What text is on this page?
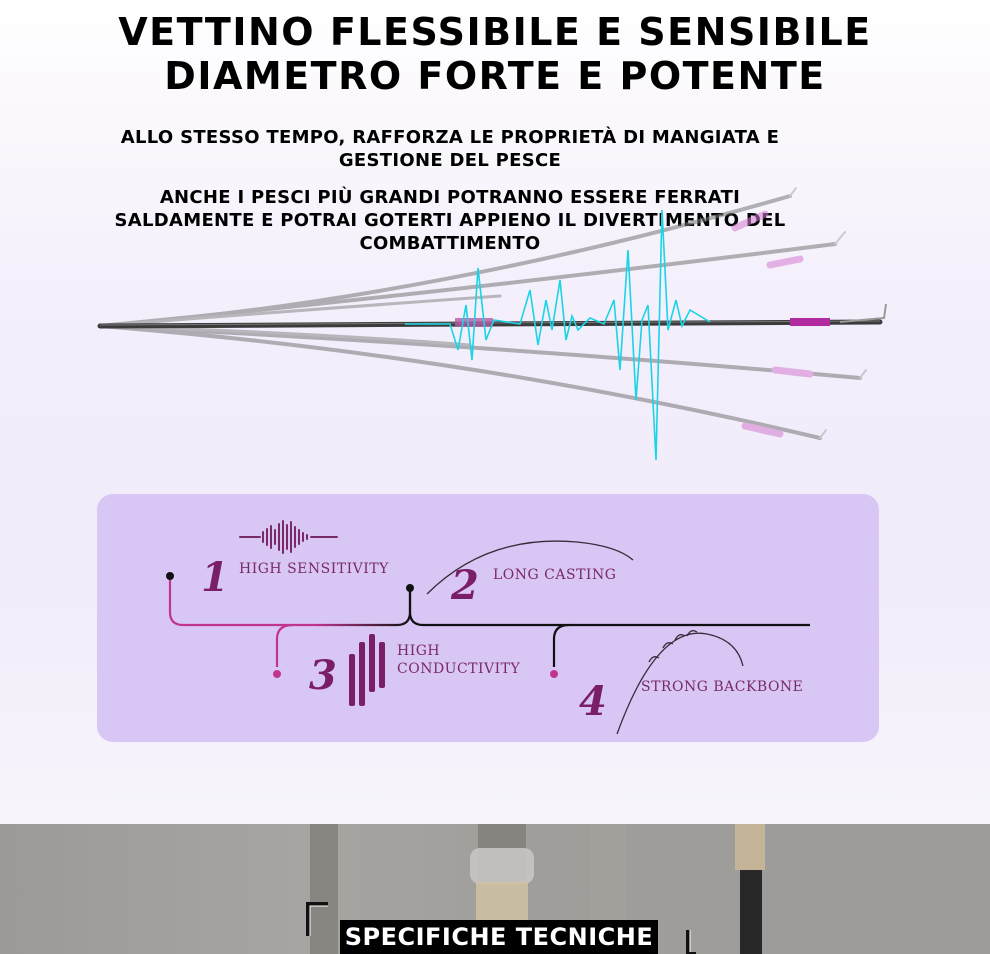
VETTINO FLESSIBILE E SENSIBILE
DIAMETRO FORTE E POTENTE
ALLO STESSO TEMPO, RAFFORZA LE PROPRIETÀ DI MANGIATA E GESTIONE DEL PESCE
ANCHE I PESCI PIÙ GRANDI POTRANNO ESSERE FERRATI SALDAMENTE E POTRAI GOTERTI APPIENO IL DIVERTIMENTO DEL COMBATTIMENTO
1 HIGH SENSITIVITY 2 LONG CASTING
3
HIGH
CONDUCTIVITY
4 STRONG BACKBONE
SPECIFICHE TECNICHE
